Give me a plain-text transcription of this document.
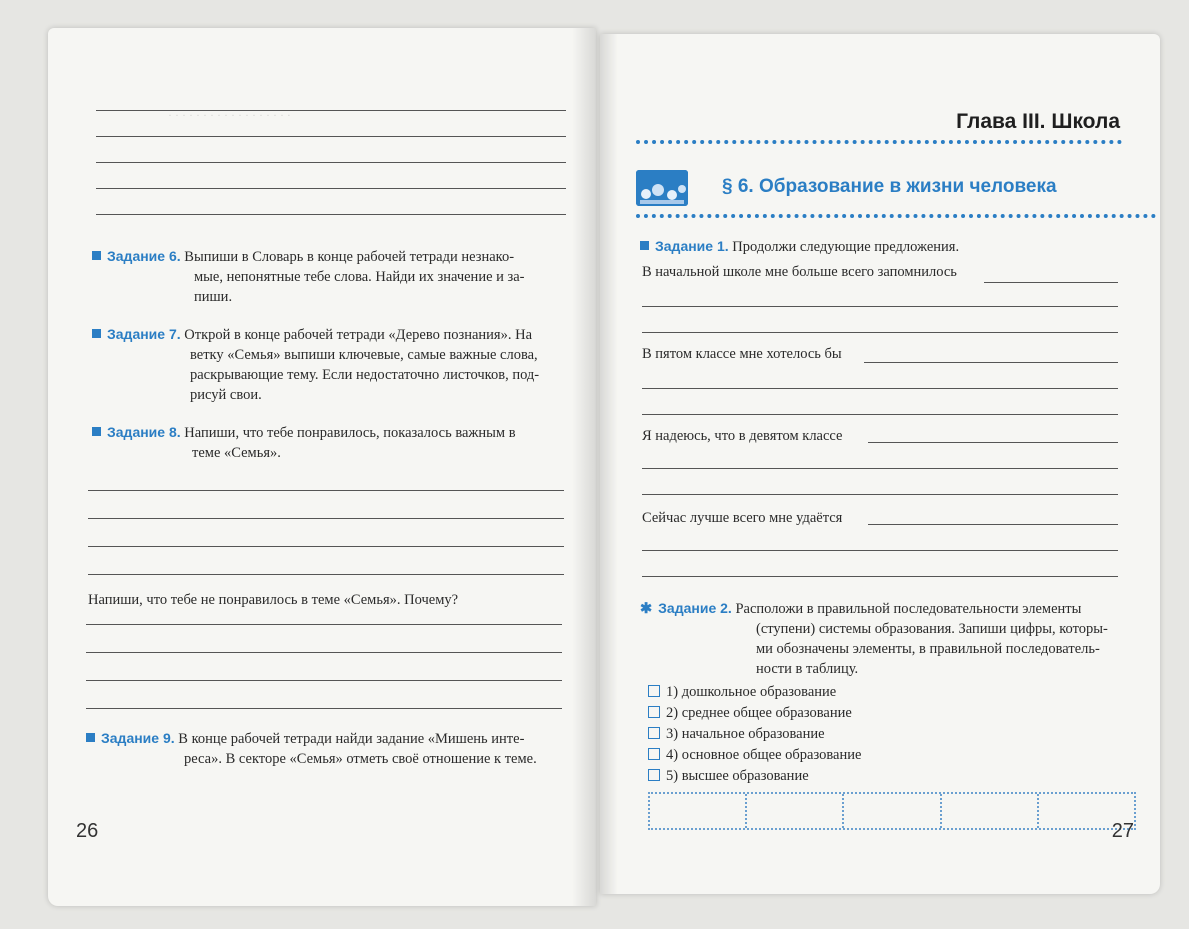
· · · · · · · · · · · · · · · · · ·
Задание 6. Выпиши в Словарь в конце рабочей тетради незнако-
мые, непонятные тебе слова. Найди их значение и за-
пиши.
Задание 7. Открой в конце рабочей тетради «Дерево познания». На
ветку «Семья» выпиши ключевые, самые важные слова,
раскрывающие тему. Если недостаточно листочков, под-
рисуй свои.
Задание 8. Напиши, что тебе понравилось, показалось важным в
теме «Семья».
Напиши, что тебе не понравилось в теме «Семья». Почему?
Задание 9. В конце рабочей тетради найди задание «Мишень инте-
реса». В секторе «Семья» отметь своё отношение к теме.
26
Глава III. Школа
§ 6. Образование в жизни человека
Задание 1. Продолжи следующие предложения.
В начальной школе мне больше всего запомнилось
В пятом классе мне хотелось бы
Я надеюсь, что в девятом классе
Сейчас лучше всего мне удаётся
✱ Задание 2. Расположи в правильной последовательности элементы
(ступени) системы образования. Запиши цифры, которы-
ми обозначены элементы, в правильной последователь-
ности в таблицу.
1) дошкольное образование
2) среднее общее образование
3) начальное образование
4) основное общее образование
5) высшее образование
27
